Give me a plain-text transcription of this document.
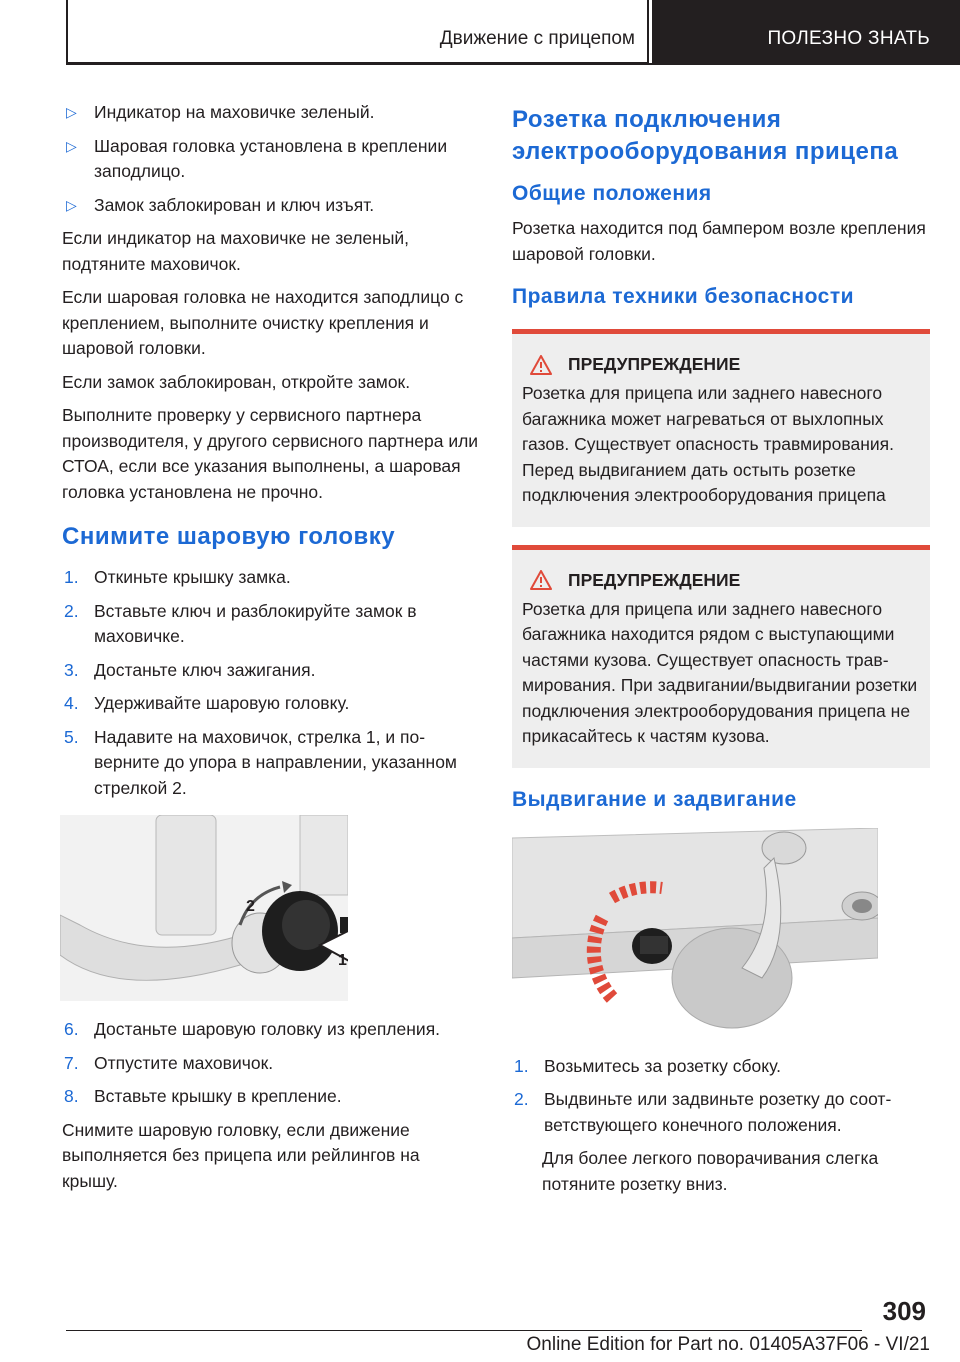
Движение с прицепом	ПОЛЕЗНО ЗНАТЬ
▷ Индикатор на маховичке зеленый.
▷ Шаровая головка установлена в креплении заподлицо.
▷ Замок заблокирован и ключ изъят.

Если индикатор на маховичке не зеленый, подтяните маховичок.

Если шаровая головка не находится заподлицо с креплением, выполните очистку крепления и шаровой головки.

Если замок заблокирован, откройте замок.

Выполните проверку у сервисного партнера производителя, у другого сервисного партнера или СТОА, если все указания выполнены, а шаровая головка установлена не прочно.

Снимите шаровую головку
1. Откиньте крышку замка.
2. Вставьте ключ и разблокируйте замок в маховичке.
3. Достаньте ключ зажигания.
4. Удерживайте шаровую головку.
5. Надавите на маховичок, стрелка 1, и поверните до упора в направлении, указанном стрелкой 2.
2
1
6. Достаньте шаровую головку из крепления.
7. Отпустите маховичок.
8. Вставьте крышку в крепление.

Снимите шаровую головку, если движение выполняется без прицепа или рейлингов на крышу.

Розетка подключения электрооборудования прицепа
Общие положения

Розетка находится под бампером возле крепления шаровой головки.

Правила техники безопасности
ПРЕДУПРЕЖДЕНИЕ
Розетка для прицепа или заднего навесного багажника может нагреваться от выхлопных газов. Существует опасность травмирования. Перед выдвиганием дать остыть розетке подключения электрооборудования прицепа
ПРЕДУПРЕЖДЕНИЕ
Розетка для прицепа или заднего навесного багажника находится рядом с выступающими частями кузова. Существует опасность травмирования. При задвигании/выдвигании розетки подключения электрооборудования прицепа не прикасайтесь к частям кузова.
Выдвигание и задвигание
1. Возьмитесь за розетку сбоку.
2. Выдвиньте или задвиньте розетку до соответствующего конечного положения.

Для более легкого поворачивания слегка потяните розетку вниз.

309
Online Edition for Part no. 01405A37F06 - VI/21
